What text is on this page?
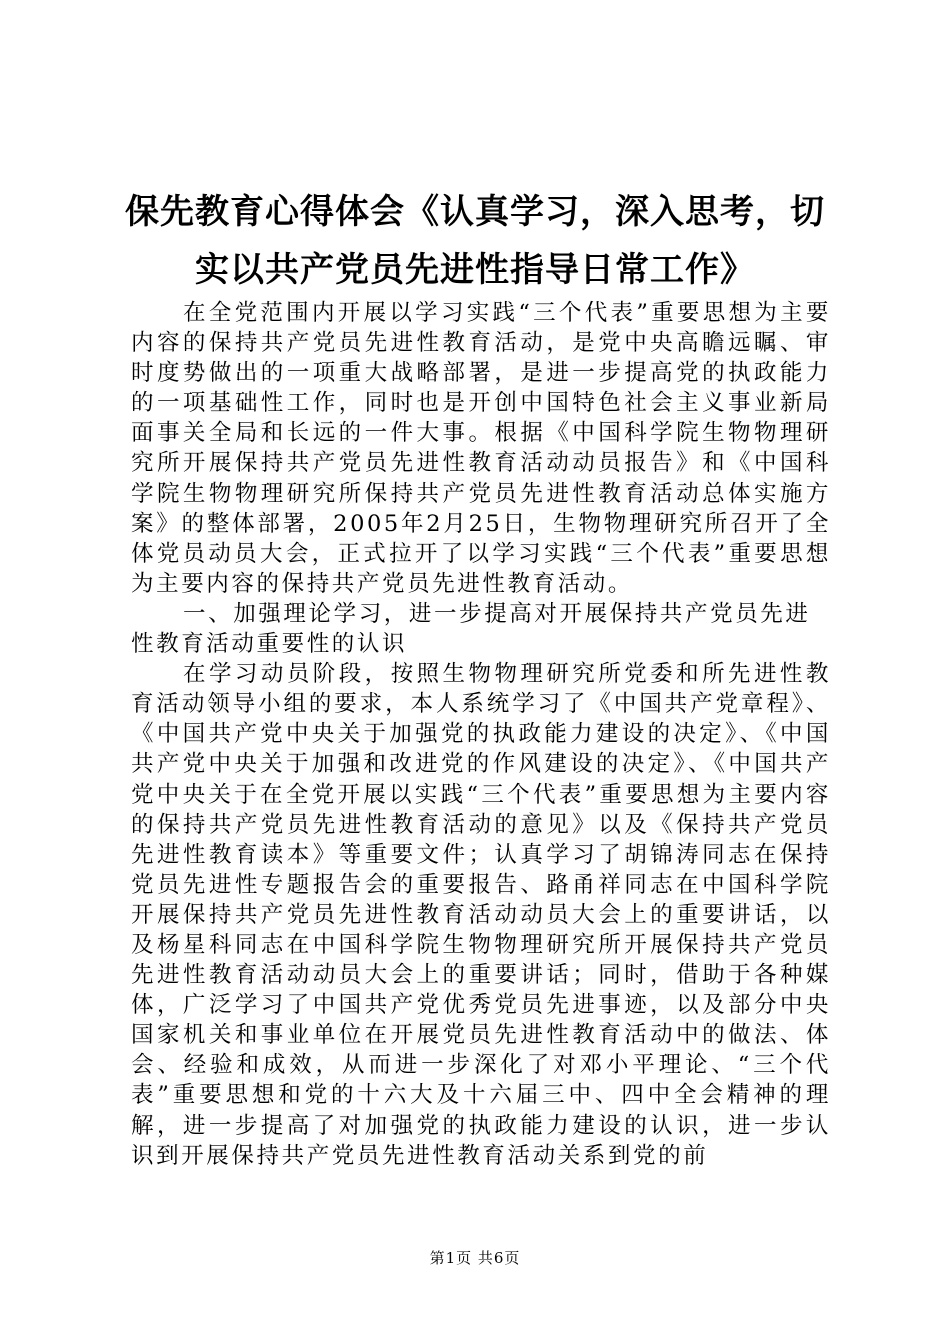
保先教育心得体会《认真学习，深入思考，切
实以共产党员先进性指导日常工作》

在全党范围内开展以学习实践“三个代表”重要思想为主要内容的保持共产党员先进性教育活动，是党中央高瞻远瞩、审时度势做出的一项重大战略部署，是进一步提高党的执政能力的一项基础性工作，同时也是开创中国特色社会主义事业新局面事关全局和长远的一件大事。根据《中国科学院生物物理研究所开展保持共产党员先进性教育活动动员报告》和《中国科学院生物物理研究所保持共产党员先进性教育活动总体实施方案》的整体部署，2005年2月25日，生物物理研究所召开了全体党员动员大会，正式拉开了以学习实践“三个代表”重要思想为主要内容的保持共产党员先进性教育活动。

一、加强理论学习，进一步提高对开展保持共产党员先进性教育活动重要性的认识

在学习动员阶段，按照生物物理研究所党委和所先进性教育活动领导小组的要求，本人系统学习了《中国共产党章程》、《中国共产党中央关于加强党的执政能力建设的决定》、《中国共产党中央关于加强和改进党的作风建设的决定》、《中国共产党中央关于在全党开展以实践“三个代表”重要思想为主要内容的保持共产党员先进性教育活动的意见》以及《保持共产党员先进性教育读本》等重要文件；认真学习了胡锦涛同志在保持党员先进性专题报告会的重要报告、路甬祥同志在中国科学院开展保持共产党员先进性教育活动动员大会上的重要讲话，以及杨星科同志在中国科学院生物物理研究所开展保持共产党员先进性教育活动动员大会上的重要讲话；同时，借助于各种媒体，广泛学习了中国共产党优秀党员先进事迹，以及部分中央国家机关和事业单位在开展党员先进性教育活动中的做法、体会、经验和成效，从而进一步深化了对邓小平理论、“三个代表”重要思想和党的十六大及十六届三中、四中全会精神的理解，进一步提高了对加强党的执政能力建设的认识，进一步认识到开展保持共产党员先进性教育活动关系到党的前

第1页 共6页
